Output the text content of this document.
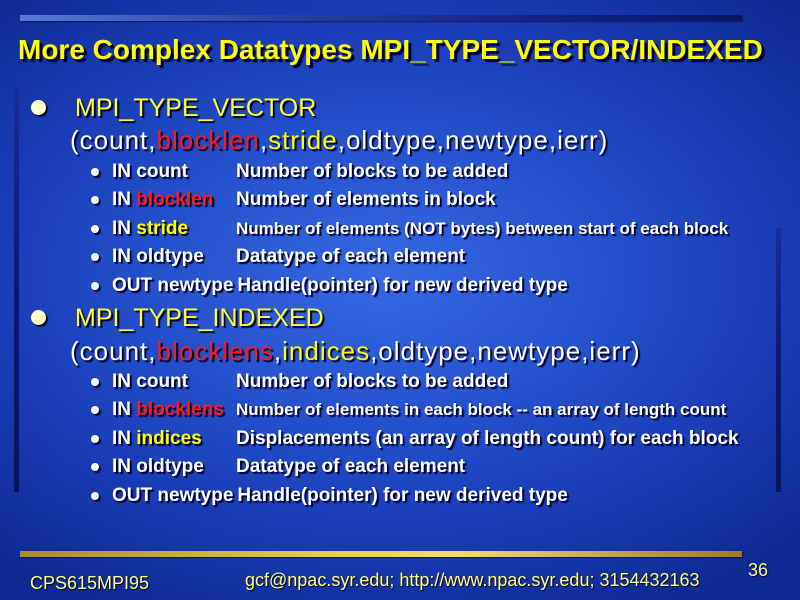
More Complex Datatypes MPI_TYPE_VECTOR/INDEXED
MPI_TYPE_VECTOR
(count,blocklen,stride,oldtype,newtype,ierr)
IN count	Number of blocks to be added
IN blocklen	Number of elements in block
IN stride	Number of elements (NOT bytes) between start of each block
IN oldtype	Datatype of each element
OUT newtype Handle(pointer) for new derived type
MPI_TYPE_INDEXED
(count,blocklens,indices,oldtype,newtype,ierr)
IN count	Number of blocks to be added
IN blocklens Number of elements in each block -- an array of length count
IN indices	Displacements (an array of length count) for each block
IN oldtype	Datatype of each element
OUT newtype Handle(pointer) for new derived type
CPS615MPI95	gcf@npac.syr.edu; http://www.npac.syr.edu; 3154432163	36
